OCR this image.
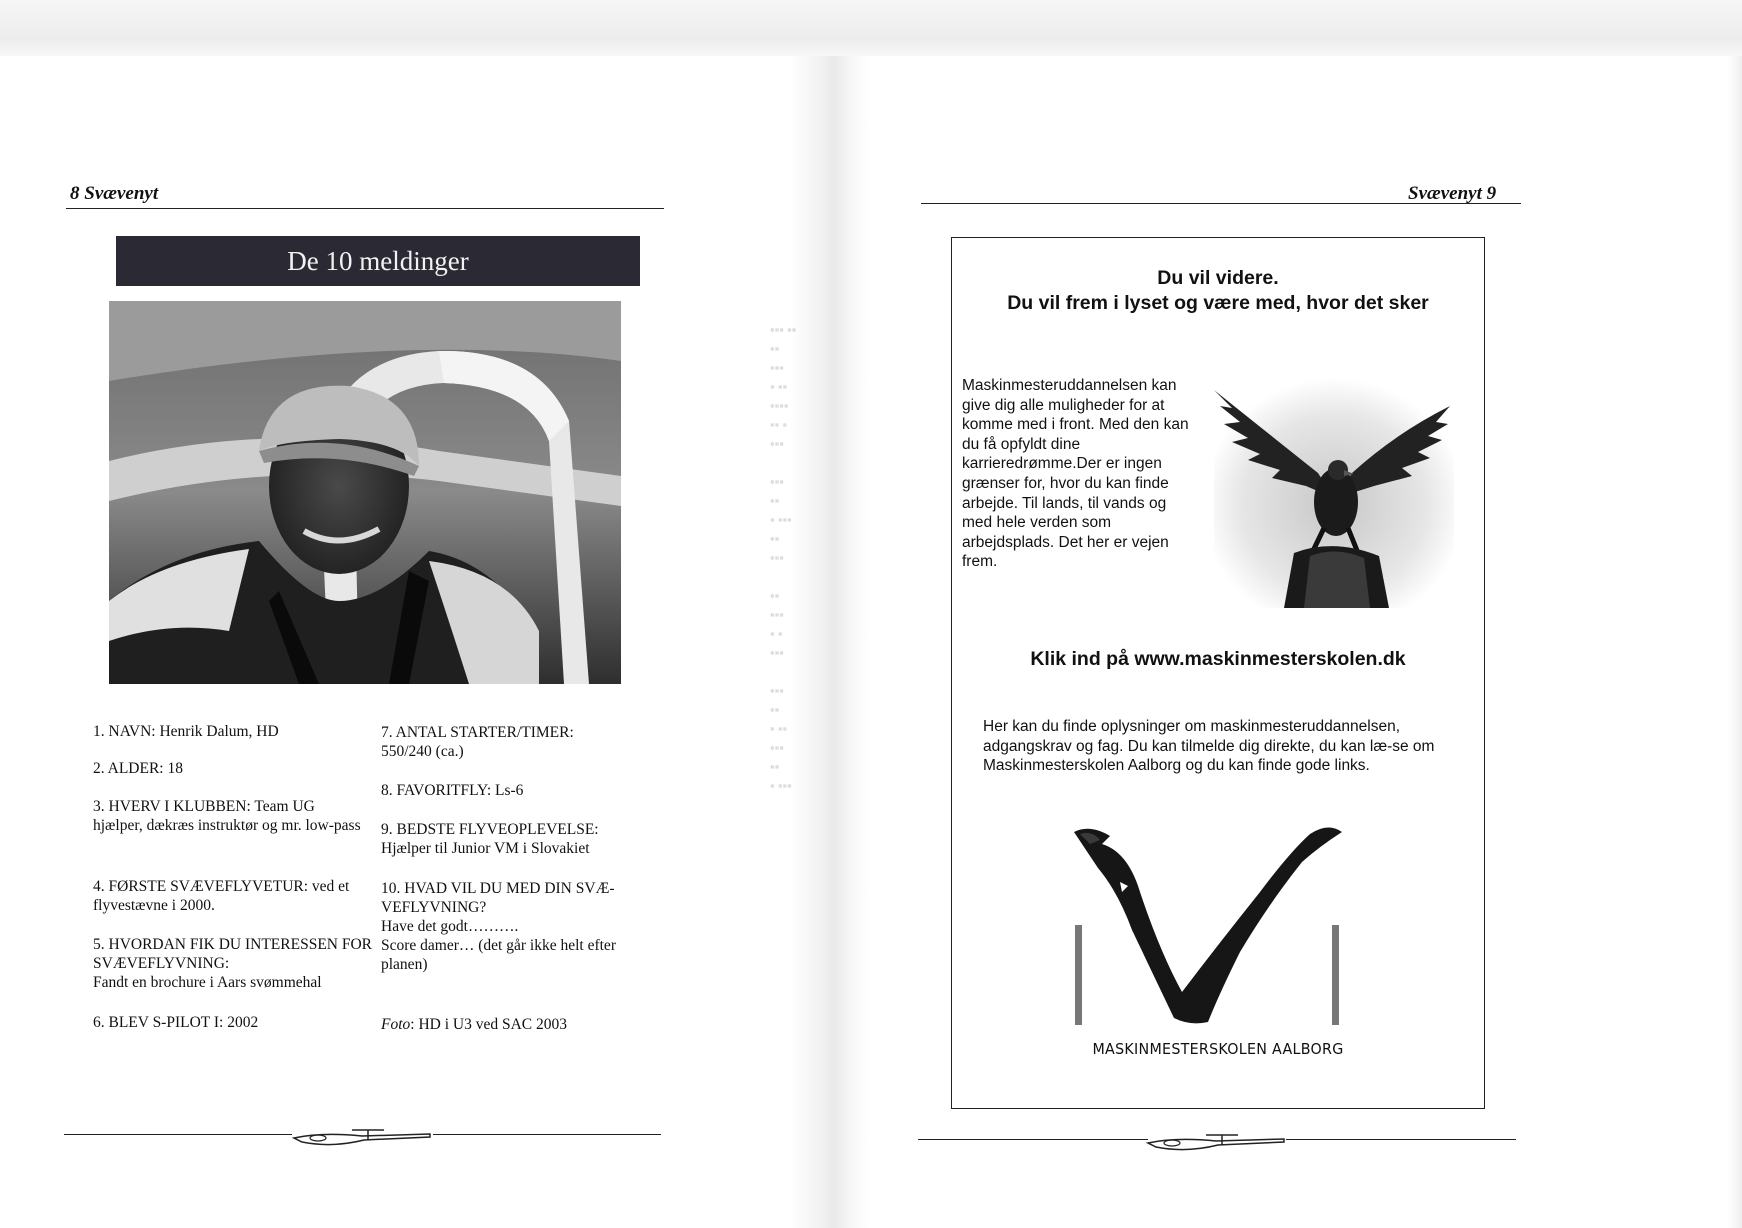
8 Svævenyt
De 10 meldinger
1. NAVN: Henrik Dalum, HD
2. ALDER: 18
3. HVERV I KLUBBEN: Team UG hjælper, dækræs instruktør og mr. low-pass
4. FØRSTE SVÆVEFLYVETUR: ved et flyvestævne i 2000.
5. HVORDAN FIK DU INTERESSEN FOR SVÆVEFLYVNING:
Fandt en brochure i Aars svømmehal
6. BLEV S-PILOT I: 2002
7. ANTAL STARTER/TIMER: 550/240 (ca.)
8. FAVORITFLY: Ls-6
9. BEDSTE FLYVEOPLEVELSE: Hjælper til Junior VM i Slovakiet
10. HVAD VIL DU MED DIN SVÆ-VEFLYVNING?
Have det godt……….
Score damer… (det går ikke helt efter planen)
Foto: HD i U3 ved SAC 2003
▪▪▪ ▪▪
▪▪
▪▪▪
▪ ▪▪
▪▪▪▪
▪▪ ▪
▪▪▪

▪▪▪
▪▪
▪ ▪▪▪
▪▪
▪▪▪

▪▪
▪▪▪
▪ ▪
▪▪▪

▪▪▪
▪▪
▪ ▪▪
▪▪▪
▪▪
▪ ▪▪▪
Svævenyt 9
Du vil videre.
Du vil frem i lyset og være med, hvor det sker
Maskinmesteruddannelsen kan give dig alle muligheder for at komme med i front. Med den kan du få opfyldt dine karrieredrømme.Der er ingen grænser for, hvor du kan finde arbejde. Til lands, til vands og med hele verden som arbejdsplads. Det her er vejen frem.
Klik ind på www.maskinmesterskolen.dk
Her kan du finde oplysninger om maskinmesteruddannelsen, adgangskrav og fag. Du kan tilmelde dig direkte, du kan læ-se om Maskinmesterskolen Aalborg og du kan finde gode links.
MASKINMESTERSKOLEN AALBORG
